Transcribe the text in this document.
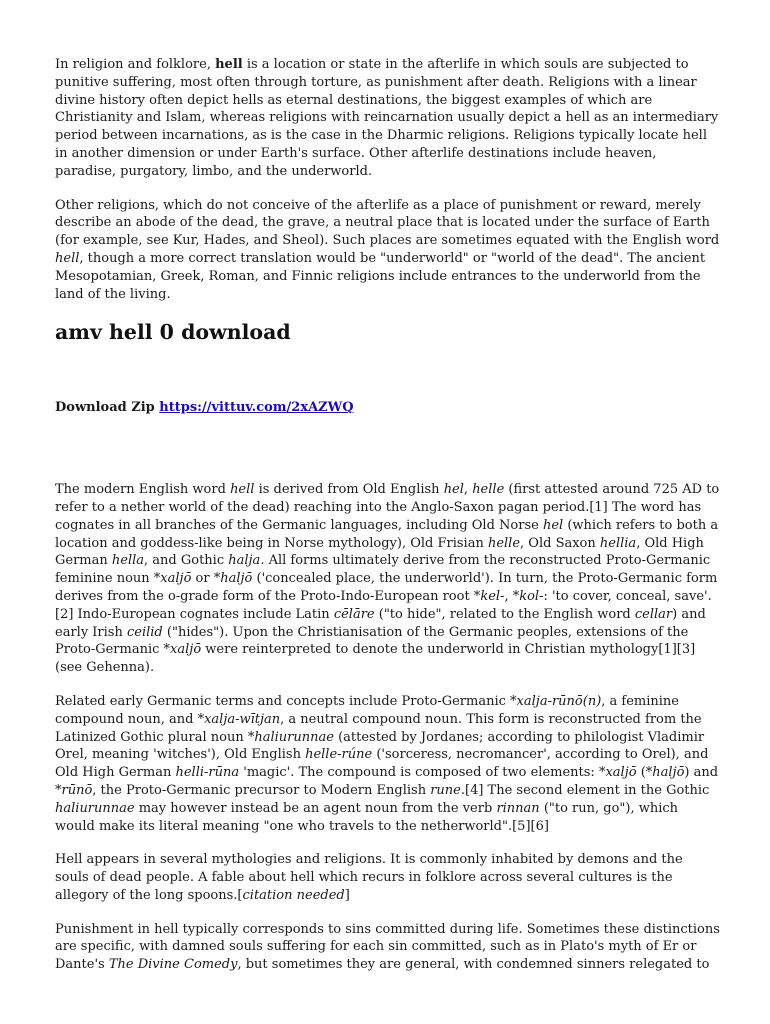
In religion and folklore, hell is a location or state in the afterlife in which souls are subjected to punitive suffering, most often through torture, as punishment after death. Religions with a linear divine history often depict hells as eternal destinations, the biggest examples of which are Christianity and Islam, whereas religions with reincarnation usually depict a hell as an intermediary period between incarnations, as is the case in the Dharmic religions. Religions typically locate hell in another dimension or under Earth's surface. Other afterlife destinations include heaven, paradise, purgatory, limbo, and the underworld.

Other religions, which do not conceive of the afterlife as a place of punishment or reward, merely describe an abode of the dead, the grave, a neutral place that is located under the surface of Earth (for example, see Kur, Hades, and Sheol). Such places are sometimes equated with the English word hell, though a more correct translation would be "underworld" or "world of the dead". The ancient Mesopotamian, Greek, Roman, and Finnic religions include entrances to the underworld from the land of the living.

amv hell 0 download
Download Zip https://vittuv.com/2xAZWQ

The modern English word hell is derived from Old English hel, helle (first attested around 725 AD to refer to a nether world of the dead) reaching into the Anglo-Saxon pagan period.[1] The word has cognates in all branches of the Germanic languages, including Old Norse hel (which refers to both a location and goddess-like being in Norse mythology), Old Frisian helle, Old Saxon hellia, Old High German hella, and Gothic halja. All forms ultimately derive from the reconstructed Proto-Germanic feminine noun *xaljō or *haljō ('concealed place, the underworld'). In turn, the Proto-Germanic form derives from the o-grade form of the Proto-Indo-European root *kel-, *kol-: 'to cover, conceal, save'.[2] Indo-European cognates include Latin cēlāre ("to hide", related to the English word cellar) and early Irish ceilid ("hides"). Upon the Christianisation of the Germanic peoples, extensions of the Proto-Germanic *xaljō were reinterpreted to denote the underworld in Christian mythology[1][3] (see Gehenna).

Related early Germanic terms and concepts include Proto-Germanic *xalja-rūnō(n), a feminine compound noun, and *xalja-wītjan, a neutral compound noun. This form is reconstructed from the Latinized Gothic plural noun *haliurunnae (attested by Jordanes; according to philologist Vladimir Orel, meaning 'witches'), Old English helle-rúne ('sorceress, necromancer', according to Orel), and Old High German helli-rūna 'magic'. The compound is composed of two elements: *xaljō (*haljō) and *rūnō, the Proto-Germanic precursor to Modern English rune.[4] The second element in the Gothic haliurunnae may however instead be an agent noun from the verb rinnan ("to run, go"), which would make its literal meaning "one who travels to the netherworld".[5][6]

Hell appears in several mythologies and religions. It is commonly inhabited by demons and the souls of dead people. A fable about hell which recurs in folklore across several cultures is the allegory of the long spoons.[citation needed]

Punishment in hell typically corresponds to sins committed during life. Sometimes these distinctions are specific, with damned souls suffering for each sin committed, such as in Plato's myth of Er or Dante's The Divine Comedy, but sometimes they are general, with condemned sinners relegated to
